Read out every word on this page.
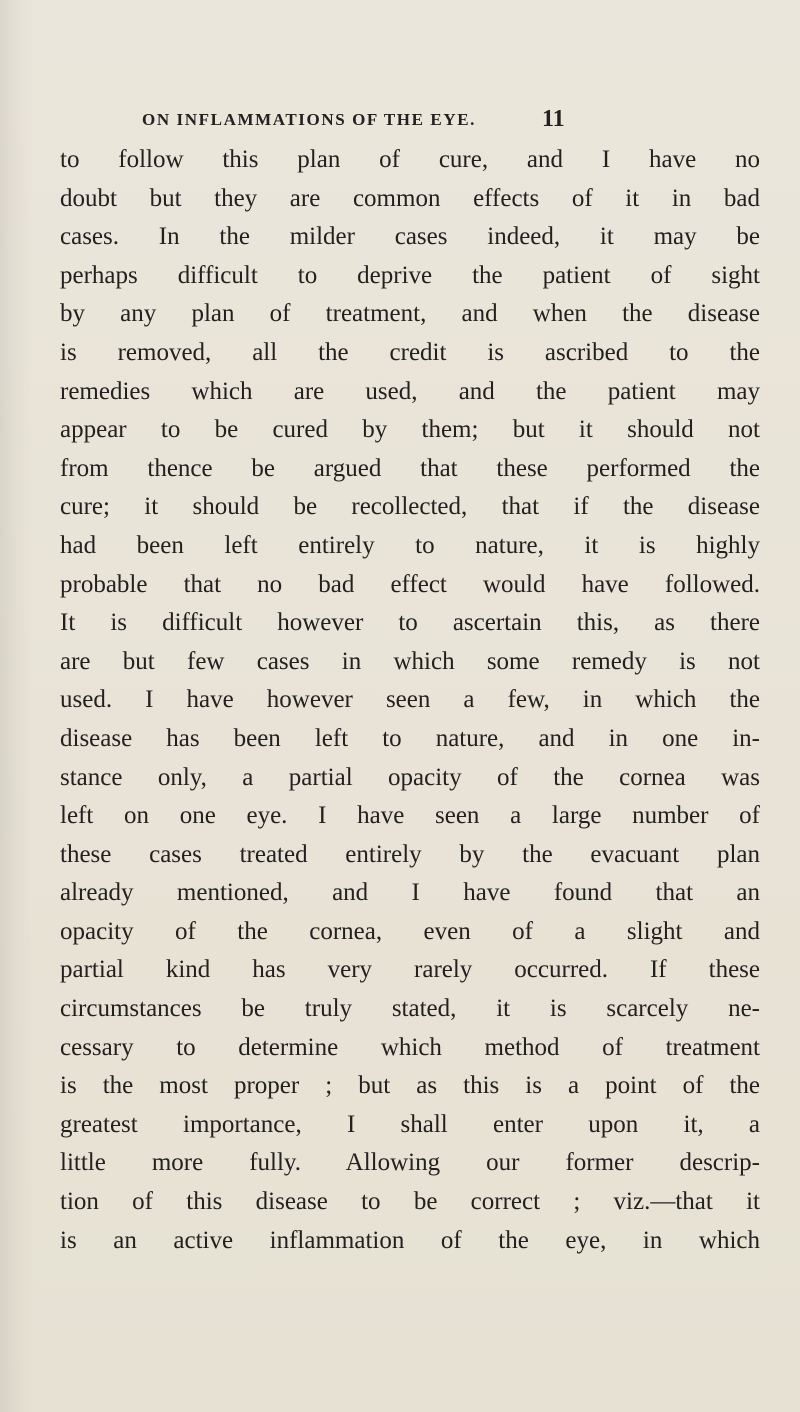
ON INFLAMMATIONS OF THE EYE.	11
to follow this plan of cure, and I have no
doubt but they are common effects of it in bad
cases. In the milder cases indeed, it may be
perhaps difficult to deprive the patient of sight
by any plan of treatment, and when the disease
is removed, all the credit is ascribed to the
remedies which are used, and the patient may
appear to be cured by them; but it should not
from thence be argued that these performed the
cure; it should be recollected, that if the disease
had been left entirely to nature, it is highly
probable that no bad effect would have followed.
It is difficult however to ascertain this, as there
are but few cases in which some remedy is not
used. I have however seen a few, in which the
disease has been left to nature, and in one in-
stance only, a partial opacity of the cornea was
left on one eye. I have seen a large number of
these cases treated entirely by the evacuant plan
already mentioned, and I have found that an
opacity of the cornea, even of a slight and
partial kind has very rarely occurred. If these
circumstances be truly stated, it is scarcely ne-
cessary to determine which method of treatment
is the most proper ; but as this is a point of the
greatest importance, I shall enter upon it, a
little more fully. Allowing our former descrip-
tion of this disease to be correct ; viz.—that it
is an active inflammation of the eye, in which
